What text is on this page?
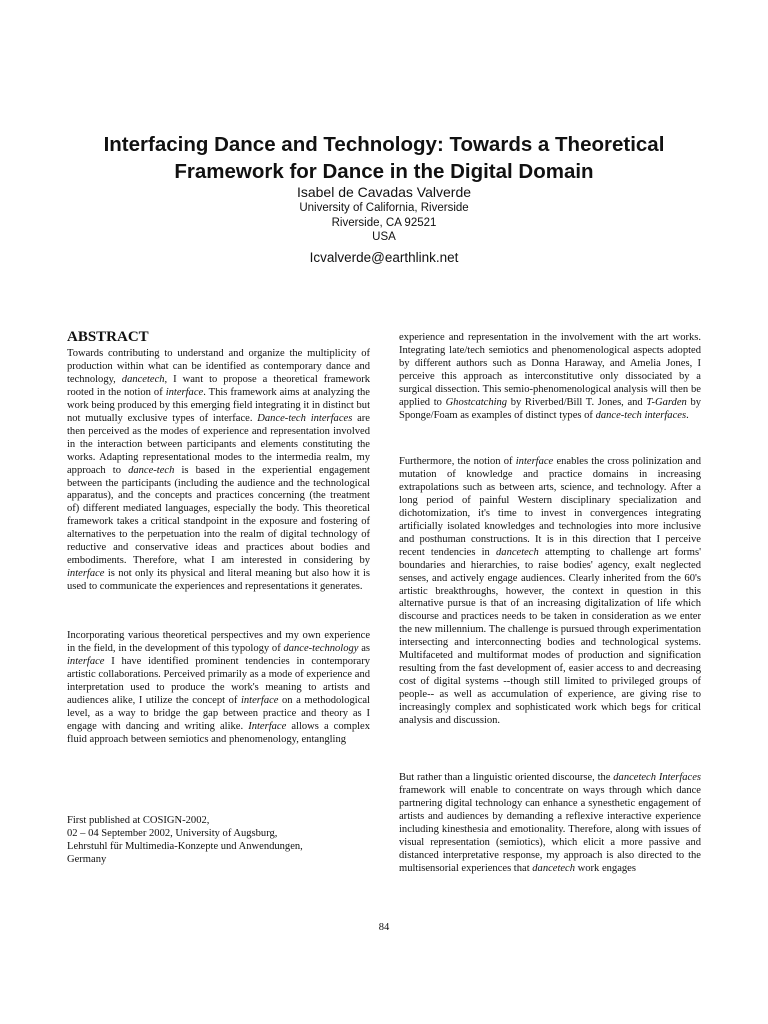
Interfacing Dance and Technology: Towards a Theoretical
Framework for Dance in the Digital Domain
Isabel de Cavadas Valverde
University of California, Riverside
Riverside, CA 92521
USA
Icvalverde@earthlink.net
ABSTRACT

Towards contributing to understand and organize the multiplicity of production within what can be identified as contemporary dance and technology, dancetech, I want to propose a theoretical framework rooted in the notion of interface. This framework aims at analyzing the work being produced by this emerging field integrating it in distinct but not mutually exclusive types of interface. Dance-tech interfaces are then perceived as the modes of experience and representation involved in the interaction between participants and elements constituting the works. Adapting representational modes to the intermedia realm, my approach to dance-tech is based in the experiential engagement between the participants (including the audience and the technological apparatus), and the concepts and practices concerning (the treatment of) different mediated languages, especially the body. This theoretical framework takes a critical standpoint in the exposure and fostering of alternatives to the perpetuation into the realm of digital technology of reductive and conservative ideas and practices about bodies and embodiments. Therefore, what I am interested in considering by interface is not only its physical and literal meaning but also how it is used to communicate the experiences and representations it generates.

Incorporating various theoretical perspectives and my own experience in the field, in the development of this typology of dance-technology as interface I have identified prominent tendencies in contemporary artistic collaborations. Perceived primarily as a mode of experience and interpretation used to produce the work's meaning to artists and audiences alike, I utilize the concept of interface on a methodological level, as a way to bridge the gap between practice and theory as I engage with dancing and writing alike. Interface allows a complex fluid approach between semiotics and phenomenology, entangling

experience and representation in the involvement with the art works. Integrating late/tech semiotics and phenomenological aspects adopted by different authors such as Donna Haraway, and Amelia Jones, I perceive this approach as interconstitutive only dissociated by a surgical dissection. This semio-phenomenological analysis will then be applied to Ghostcatching by Riverbed/Bill T. Jones, and T-Garden by Sponge/Foam as examples of distinct types of dance-tech interfaces.

Furthermore, the notion of interface enables the cross polinization and mutation of knowledge and practice domains in increasing extrapolations such as between arts, science, and technology. After a long period of painful Western disciplinary specialization and dichotomization, it's time to invest in convergences integrating artificially isolated knowledges and technologies into more inclusive and posthuman constructions. It is in this direction that I perceive recent tendencies in dancetech attempting to challenge art forms' boundaries and hierarchies, to raise bodies' agency, exalt neglected senses, and actively engage audiences. Clearly inherited from the 60's artistic breakthroughs, however, the context in question in this alternative pursue is that of an increasing digitalization of life which discourse and practices needs to be taken in consideration as we enter the new millennium. The challenge is pursued through experimentation intersecting and interconnecting bodies and technological systems. Multifaceted and multiformat modes of production and signification resulting from the fast development of, easier access to and decreasing cost of digital systems --though still limited to privileged groups of people-- as well as accumulation of experience, are giving rise to increasingly complex and sophisticated work which begs for critical analysis and discussion.

But rather than a linguistic oriented discourse, the dancetech Interfaces framework will enable to concentrate on ways through which dance partnering digital technology can enhance a synesthetic engagement of artists and audiences by demanding a reflexive interactive experience including kinesthesia and emotionality. Therefore, along with issues of visual representation (semiotics), which elicit a more passive and distanced interpretative response, my approach is also directed to the multisensorial experiences that dancetech work engages

First published at COSIGN-2002,
02 – 04 September 2002, University of Augsburg,
Lehrstuhl für Multimedia-Konzepte und Anwendungen,
Germany
84
